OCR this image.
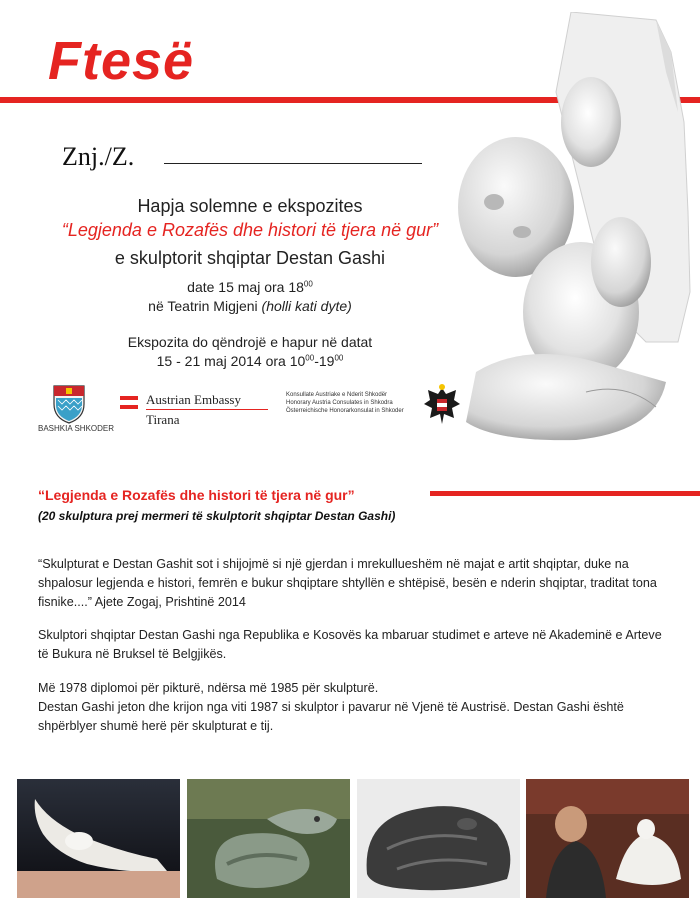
Ftesë
Znj./Z.
Hapja solemne e ekspozites
“Legjenda e Rozafës dhe histori të tjera në gur”
e skulptorit shqiptar Destan Gashi
date 15 maj ora $18^{00}$
në Teatrin Migjeni (holli kati dyte)
Ekspozita do qëndrojë e hapur në datat
15 - 21 maj 2014 ora $10^{00}-19^{00}$
BASHKIA SHKODER
Austrian Embassy
Tirana
Konsullate Austriake e Nderit Shkodër
Honorary Austria Consulates in Shkodra
Österreichische Honorarkonsulat in Shkoder
“Legjenda e Rozafës dhe histori të tjera në gur”
(20 skulptura prej mermeri të skulptorit shqiptar Destan Gashi)
“Skulpturat e Destan Gashit sot i shijojmë si një gjerdan i mrekullueshëm në majat e artit shqiptar, duke na shpalosur legjenda e histori, femrën e bukur shqiptare shtyllën e shtëpisë, besën e nderin shqiptar, traditat tona fisnike....” Ajete Zogaj, Prishtinë 2014
Skulptori shqiptar Destan Gashi nga Republika e Kosovës ka mbaruar studimet e arteve në Akademinë e Arteve të Bukura në Bruksel të Belgjikës.
Më 1978 diplomoi për pikturë, ndërsa më 1985 për skulpturë.
Destan Gashi jeton dhe krijon nga viti 1987 si skulptor i pavarur në Vjenë të Austrisë. Destan Gashi është shpërblyer shumë herë për skulpturat e tij.
